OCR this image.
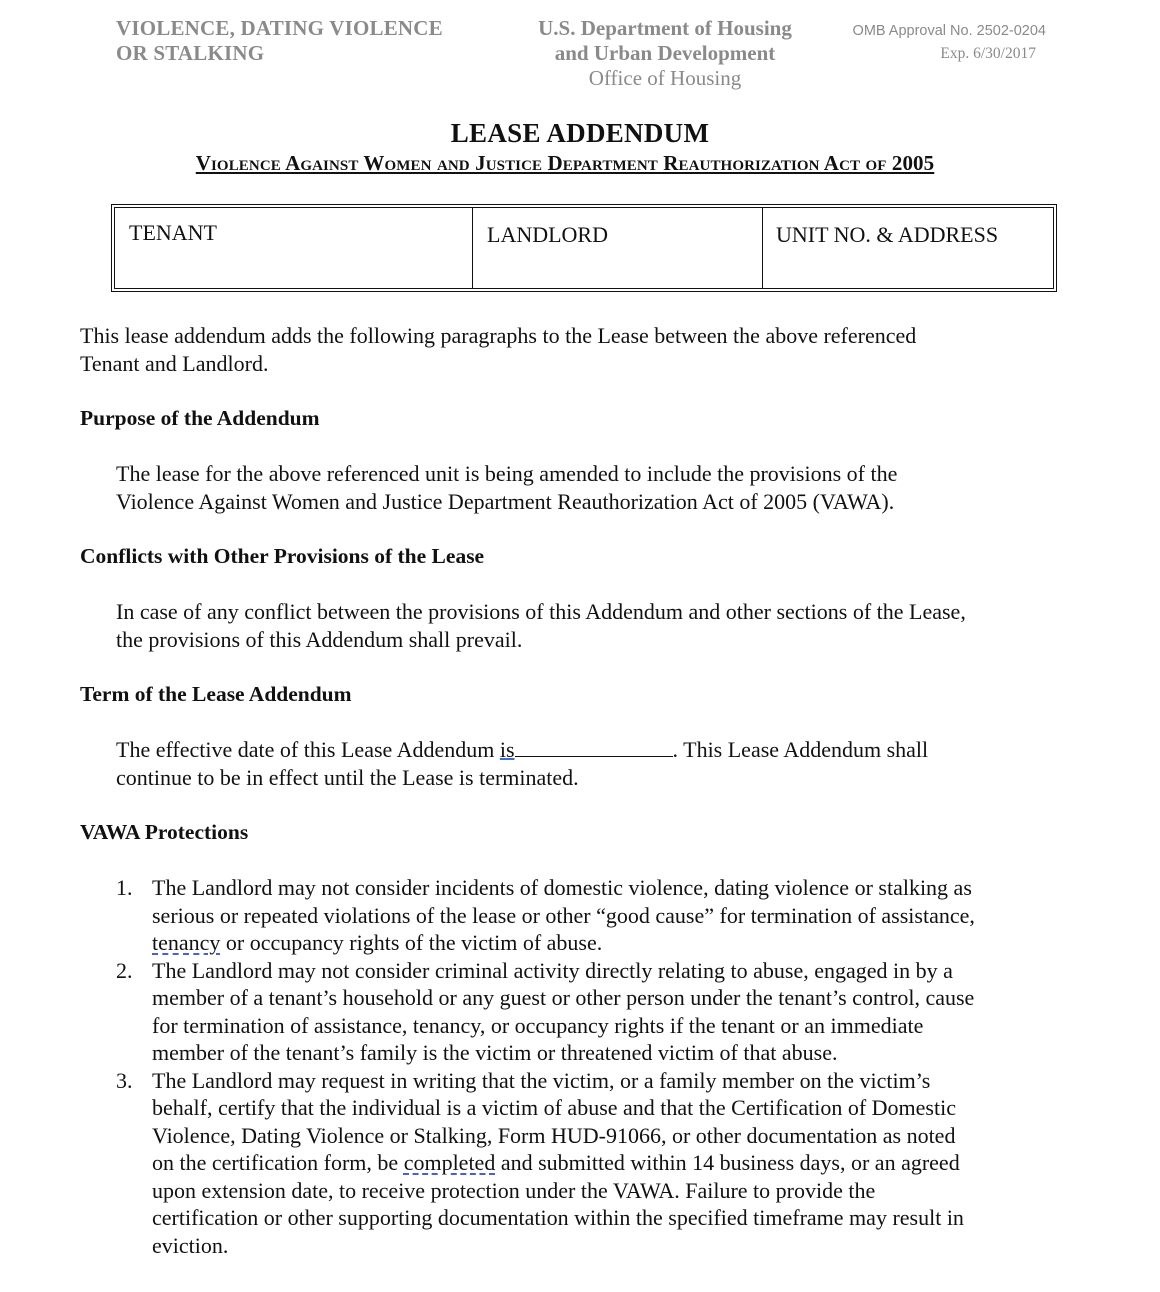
VIOLENCE, DATING VIOLENCE
OR STALKING
U.S. Department of Housing
and Urban Development
Office of Housing
OMB Approval No. 2502-0204
Exp. 6/30/2017
LEASE ADDENDUM
Violence Against Women and Justice Department Reauthorization Act of 2005
TENANT	LANDLORD	UNIT NO. & ADDRESS
This lease addendum adds the following paragraphs to the Lease between the above referenced
Tenant and Landlord.
Purpose of the Addendum
The lease for the above referenced unit is being amended to include the provisions of the
Violence Against Women and Justice Department Reauthorization Act of 2005 (VAWA).
Conflicts with Other Provisions of the Lease
In case of any conflict between the provisions of this Addendum and other sections of the Lease,
the provisions of this Addendum shall prevail.
Term of the Lease Addendum
The effective date of this Lease Addendum is	. This Lease Addendum shall
continue to be in effect until the Lease is terminated.
VAWA Protections
1. The Landlord may not consider incidents of domestic violence, dating violence or stalking as
serious or repeated violations of the lease or other “good cause” for termination of assistance,
tenancy or occupancy rights of the victim of abuse.
2. The Landlord may not consider criminal activity directly relating to abuse, engaged in by a
member of a tenant’s household or any guest or other person under the tenant’s control, cause
for termination of assistance, tenancy, or occupancy rights if the tenant or an immediate
member of the tenant’s family is the victim or threatened victim of that abuse.
3. The Landlord may request in writing that the victim, or a family member on the victim’s
behalf, certify that the individual is a victim of abuse and that the Certification of Domestic
Violence, Dating Violence or Stalking, Form HUD-91066, or other documentation as noted
on the certification form, be completed and submitted within 14 business days, or an agreed
upon extension date, to receive protection under the VAWA. Failure to provide the
certification or other supporting documentation within the specified timeframe may result in
eviction.
